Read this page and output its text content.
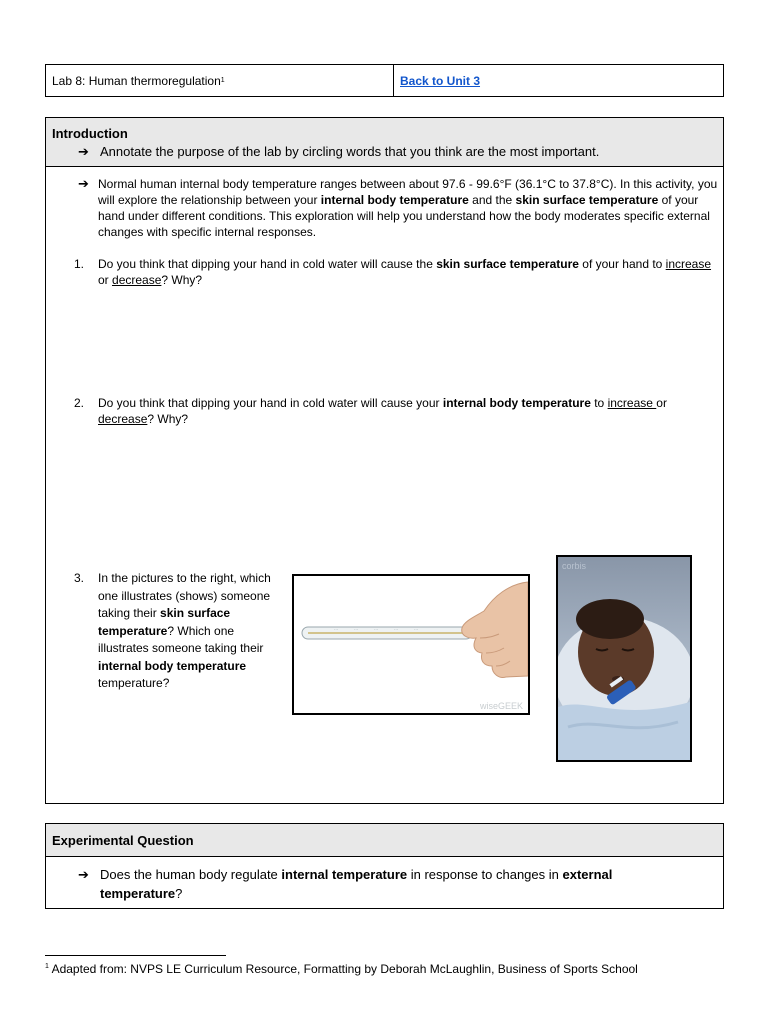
Lab 8: Human thermoregulation 1	Back to Unit 3
Introduction
➔ Annotate the purpose of the lab by circling words that you think are the most important.
➔ Normal human internal body temperature ranges between about 97.6 - 99.6°F (36.1°C to 37.8°C). In this activity, you will explore the relationship between your internal body temperature and the skin surface temperature of your hand under different conditions. This exploration will help you understand how the body moderates specific external changes with specific internal responses.
1.	Do you think that dipping your hand in cold water will cause the skin surface temperature of your hand to increase or decrease? Why?
2.	Do you think that dipping your hand in cold water will cause your internal body temperature to increase or decrease? Why?
3.	In the pictures to the right, which one illustrates (shows) someone taking their skin surface temperature? Which one illustrates someone taking their internal body temperature temperature?
···	···	···	···	···
wiseGEEK
corbis
Experimental Question
➔ Does the human body regulate internal temperature in response to changes in external temperature?
$^1$ Adapted from: NVPS LE Curriculum Resource, Formatting by Deborah McLaughlin, Business of Sports School
